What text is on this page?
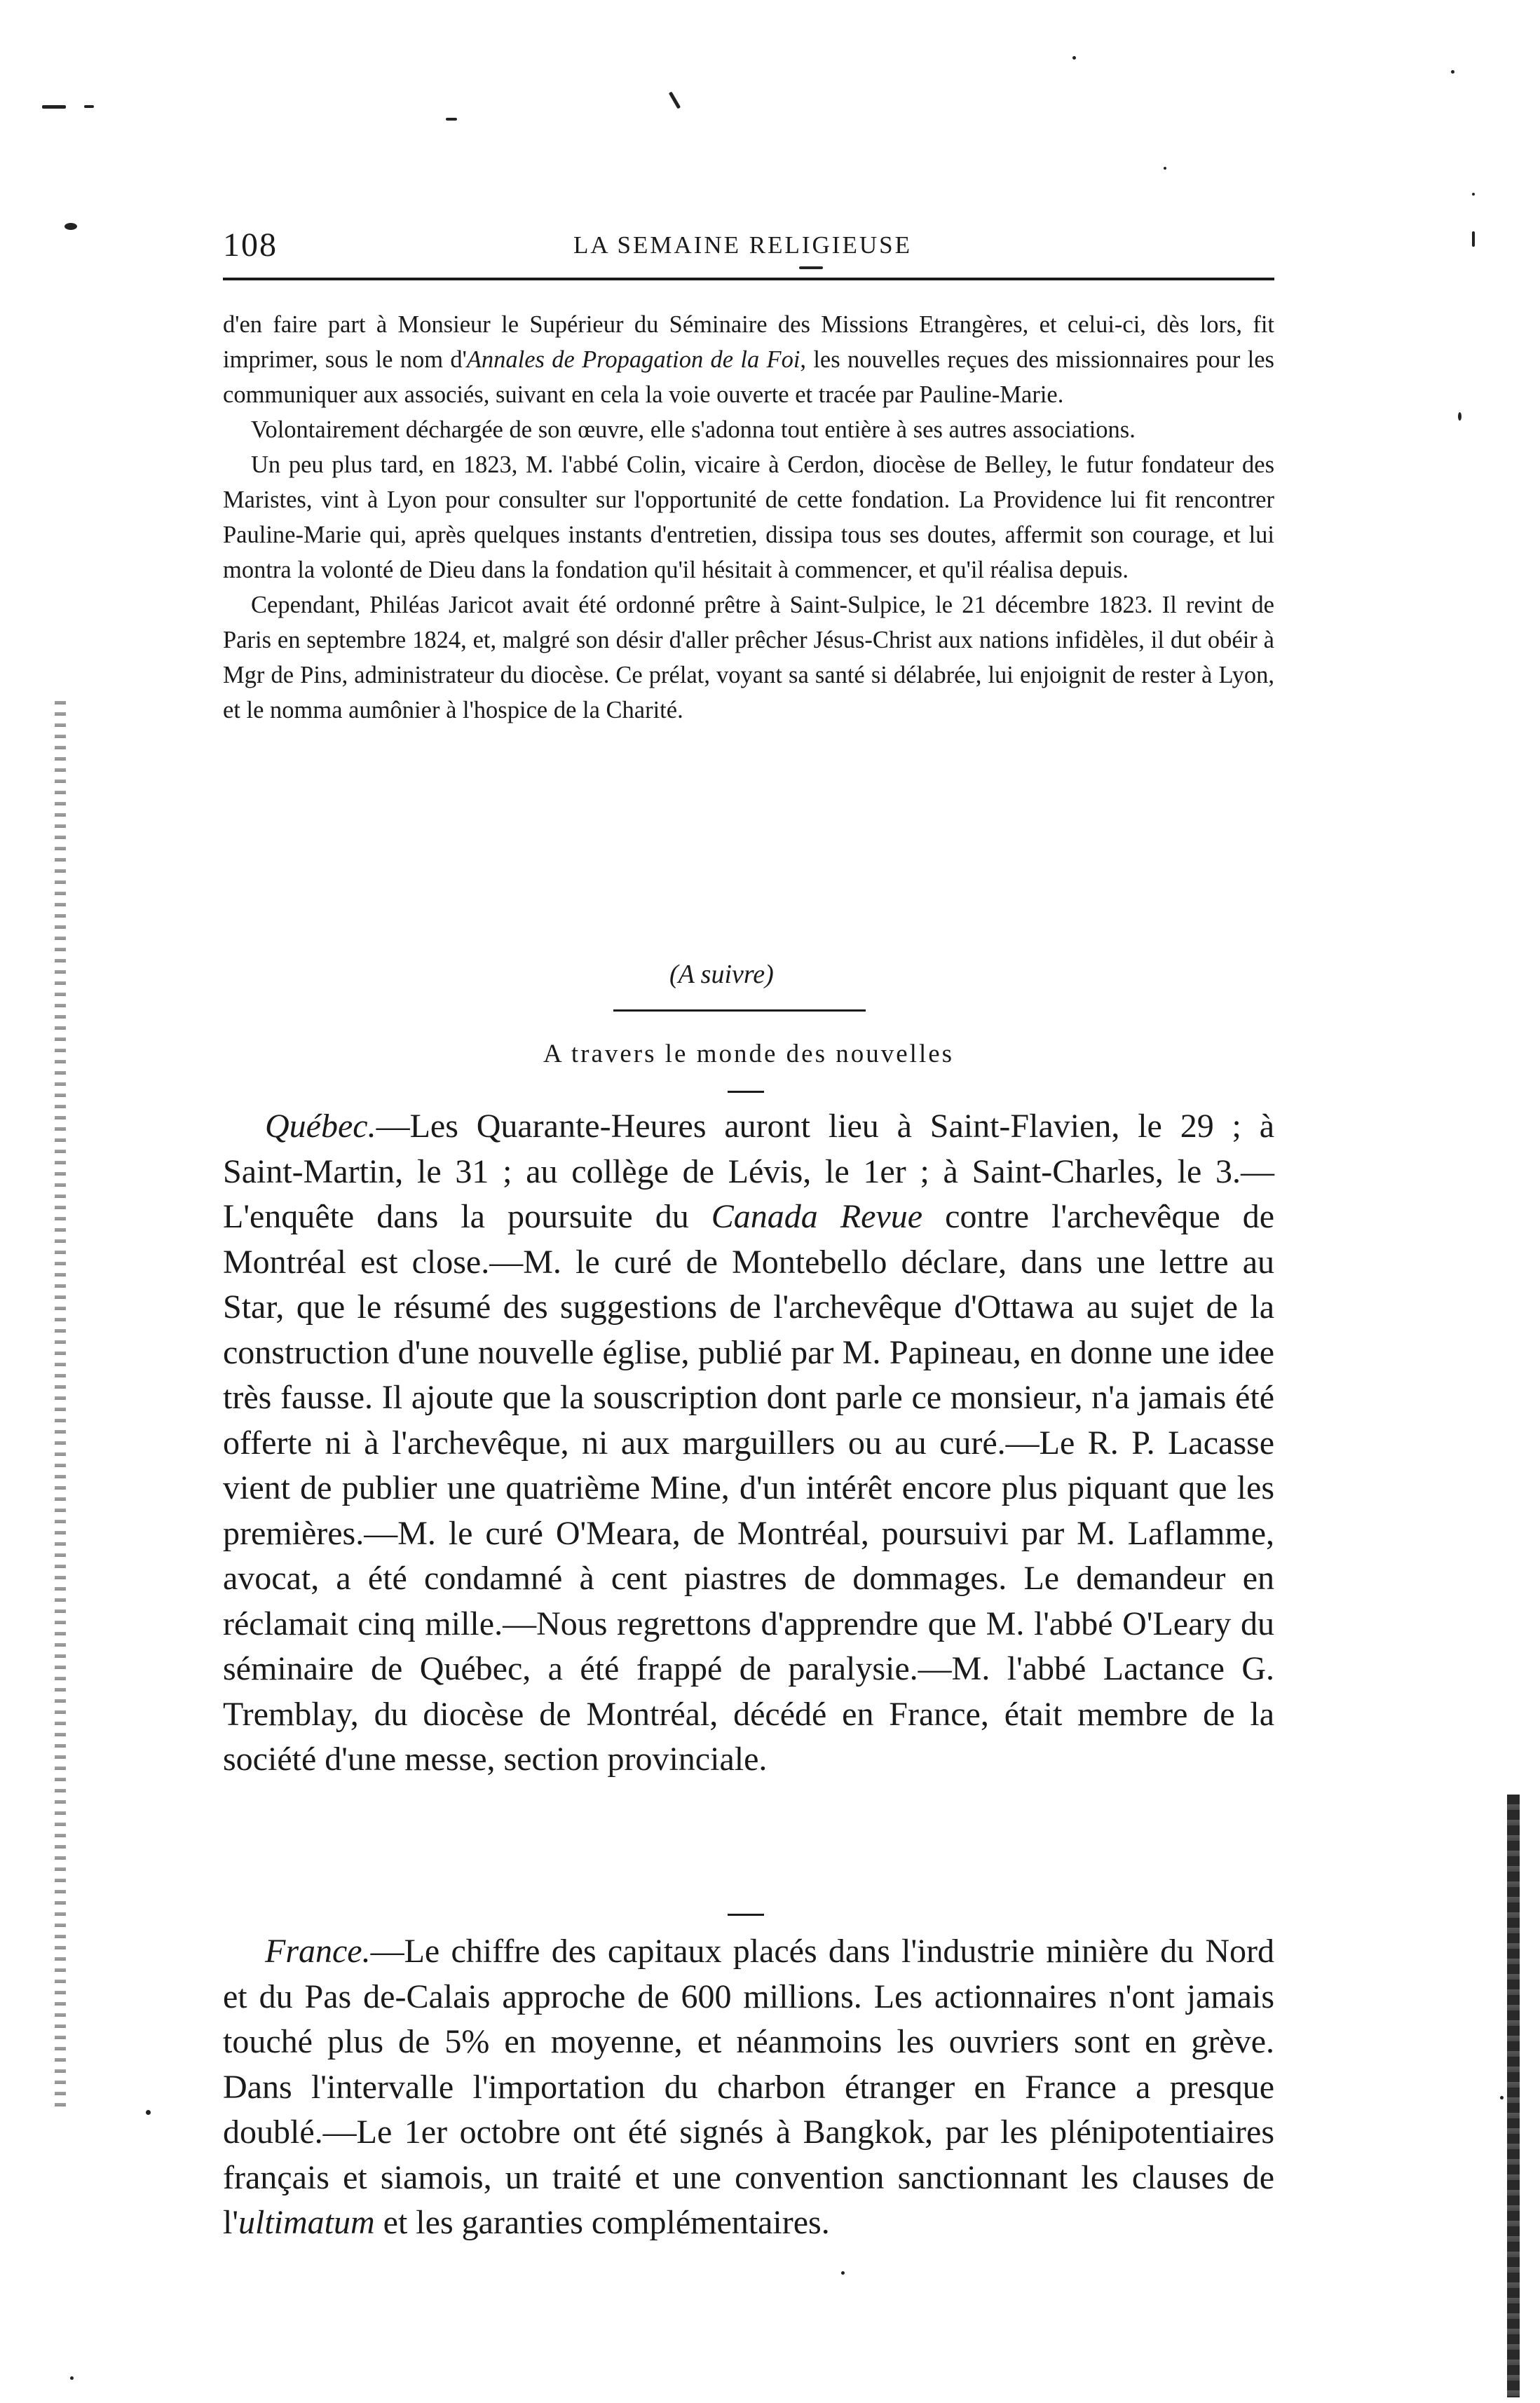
108	LA SEMAINE RELIGIEUSE

d'en faire part à Monsieur le Supérieur du Séminaire des Missions Etrangères, et celui-ci, dès lors, fit imprimer, sous le nom d'Annales de Propagation de la Foi, les nouvelles reçues des missionnaires pour les communiquer aux associés, suivant en cela la voie ouverte et tracée par Pauline-Marie.

Volontairement déchargée de son œuvre, elle s'adonna tout entière à ses autres associations.

Un peu plus tard, en 1823, M. l'abbé Colin, vicaire à Cerdon, diocèse de Belley, le futur fondateur des Maristes, vint à Lyon pour consulter sur l'opportunité de cette fondation. La Providence lui fit rencontrer Pauline-Marie qui, après quelques instants d'entretien, dissipa tous ses doutes, affermit son courage, et lui montra la volonté de Dieu dans la fondation qu'il hésitait à commencer, et qu'il réalisa depuis.

Cependant, Philéas Jaricot avait été ordonné prêtre à Saint-Sulpice, le 21 décembre 1823. Il revint de Paris en septembre 1824, et, malgré son désir d'aller prêcher Jésus-Christ aux nations infidèles, il dut obéir à Mgr de Pins, administrateur du diocèse. Ce prélat, voyant sa santé si délabrée, lui enjoignit de rester à Lyon, et le nomma aumônier à l'hospice de la Charité.

(A suivre)
A travers le monde des nouvelles

Québec.—Les Quarante-Heures auront lieu à Saint-Flavien, le 29 ; à Saint-Martin, le 31 ; au collège de Lévis, le 1er ; à Saint-Charles, le 3.—L'enquête dans la poursuite du Canada Revue contre l'archevêque de Montréal est close.—M. le curé de Montebello déclare, dans une lettre au Star, que le résumé des suggestions de l'archevêque d'Ottawa au sujet de la construction d'une nouvelle église, publié par M. Papineau, en donne une idee très fausse. Il ajoute que la souscription dont parle ce monsieur, n'a jamais été offerte ni à l'archevêque, ni aux marguillers ou au curé.—Le R. P. Lacasse vient de publier une quatrième Mine, d'un intérêt encore plus piquant que les premières.—M. le curé O'Meara, de Montréal, poursuivi par M. Laflamme, avocat, a été condamné à cent piastres de dommages. Le demandeur en réclamait cinq mille.—Nous regrettons d'apprendre que M. l'abbé O'Leary du séminaire de Québec, a été frappé de paralysie.—M. l'abbé Lactance G. Tremblay, du diocèse de Montréal, décédé en France, était membre de la société d'une messe, section provinciale.

France.—Le chiffre des capitaux placés dans l'industrie minière du Nord et du Pas de-Calais approche de 600 millions. Les actionnaires n'ont jamais touché plus de 5% en moyenne, et néanmoins les ouvriers sont en grève. Dans l'intervalle l'importation du charbon étranger en France a presque doublé.—Le 1er octobre ont été signés à Bangkok, par les plénipotentiaires français et siamois, un traité et une convention sanctionnant les clauses de l'ultimatum et les garanties complémentaires.
